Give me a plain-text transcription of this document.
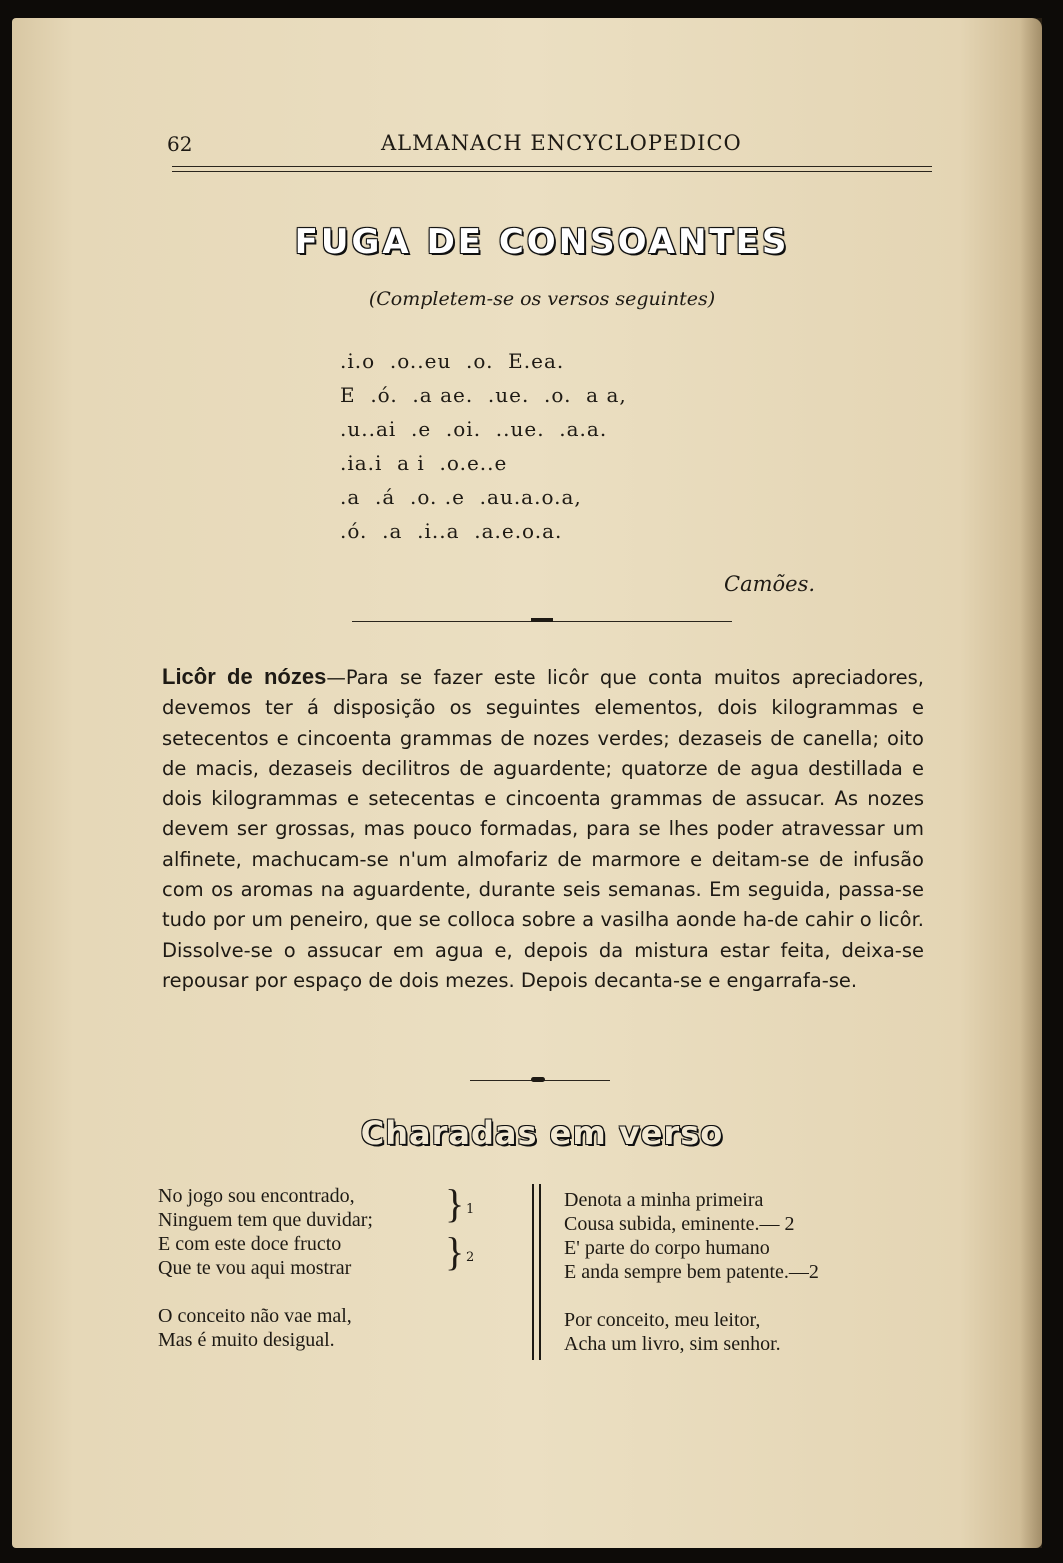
62	ALMANACH ENCYCLOPEDICO
FUGA DE CONSOANTES
(Completem-se os versos seguintes)
.i.o  .o..eu  .o.  E.ea.
E  .ó.  .a ae.  .ue.  .o.  a a,
.u..ai  .e  .oi.  ..ue.  .a.a.
.ia.i  a i  .o.e..e
.a  .á  .o. .e  .au.a.o.a,
.ó.  .a  .i..a  .a.e.o.a.
Camões.
Licôr de nózes—Para se fazer este licôr que conta muitos apreciadores, devemos ter á disposição os seguintes elementos, dois kilogrammas e setecentos e cincoenta grammas de nozes verdes; dezaseis de canella; oito de macis, dezaseis decilitros de aguardente; quatorze de agua destillada e dois kilogrammas e setecentas e cincoenta grammas de assucar. As nozes devem ser grossas, mas pouco formadas, para se lhes poder atravessar um alfinete, machucam-se n'um almofariz de marmore e deitam-se de infusão com os aromas na aguardente, durante seis semanas. Em seguida, passa-se tudo por um peneiro, que se colloca sobre a vasilha aonde ha-de cahir o licôr. Dissolve-se o assucar em agua e, depois da mistura estar feita, deixa-se repousar por espaço de dois mezes. Depois decanta-se e engarrafa-se.
Charadas em verso
No jogo sou encontrado,
Ninguem tem que duvidar;
E com este doce fructo
Que te vou aqui mostrar
O conceito não vae mal,
Mas é muito desigual.
}
}
1
2
Denota a minha primeira
Cousa subida, eminente.— 2
E' parte do corpo humano
E anda sempre bem patente.—2
Por conceito, meu leitor,
Acha um livro, sim senhor.
